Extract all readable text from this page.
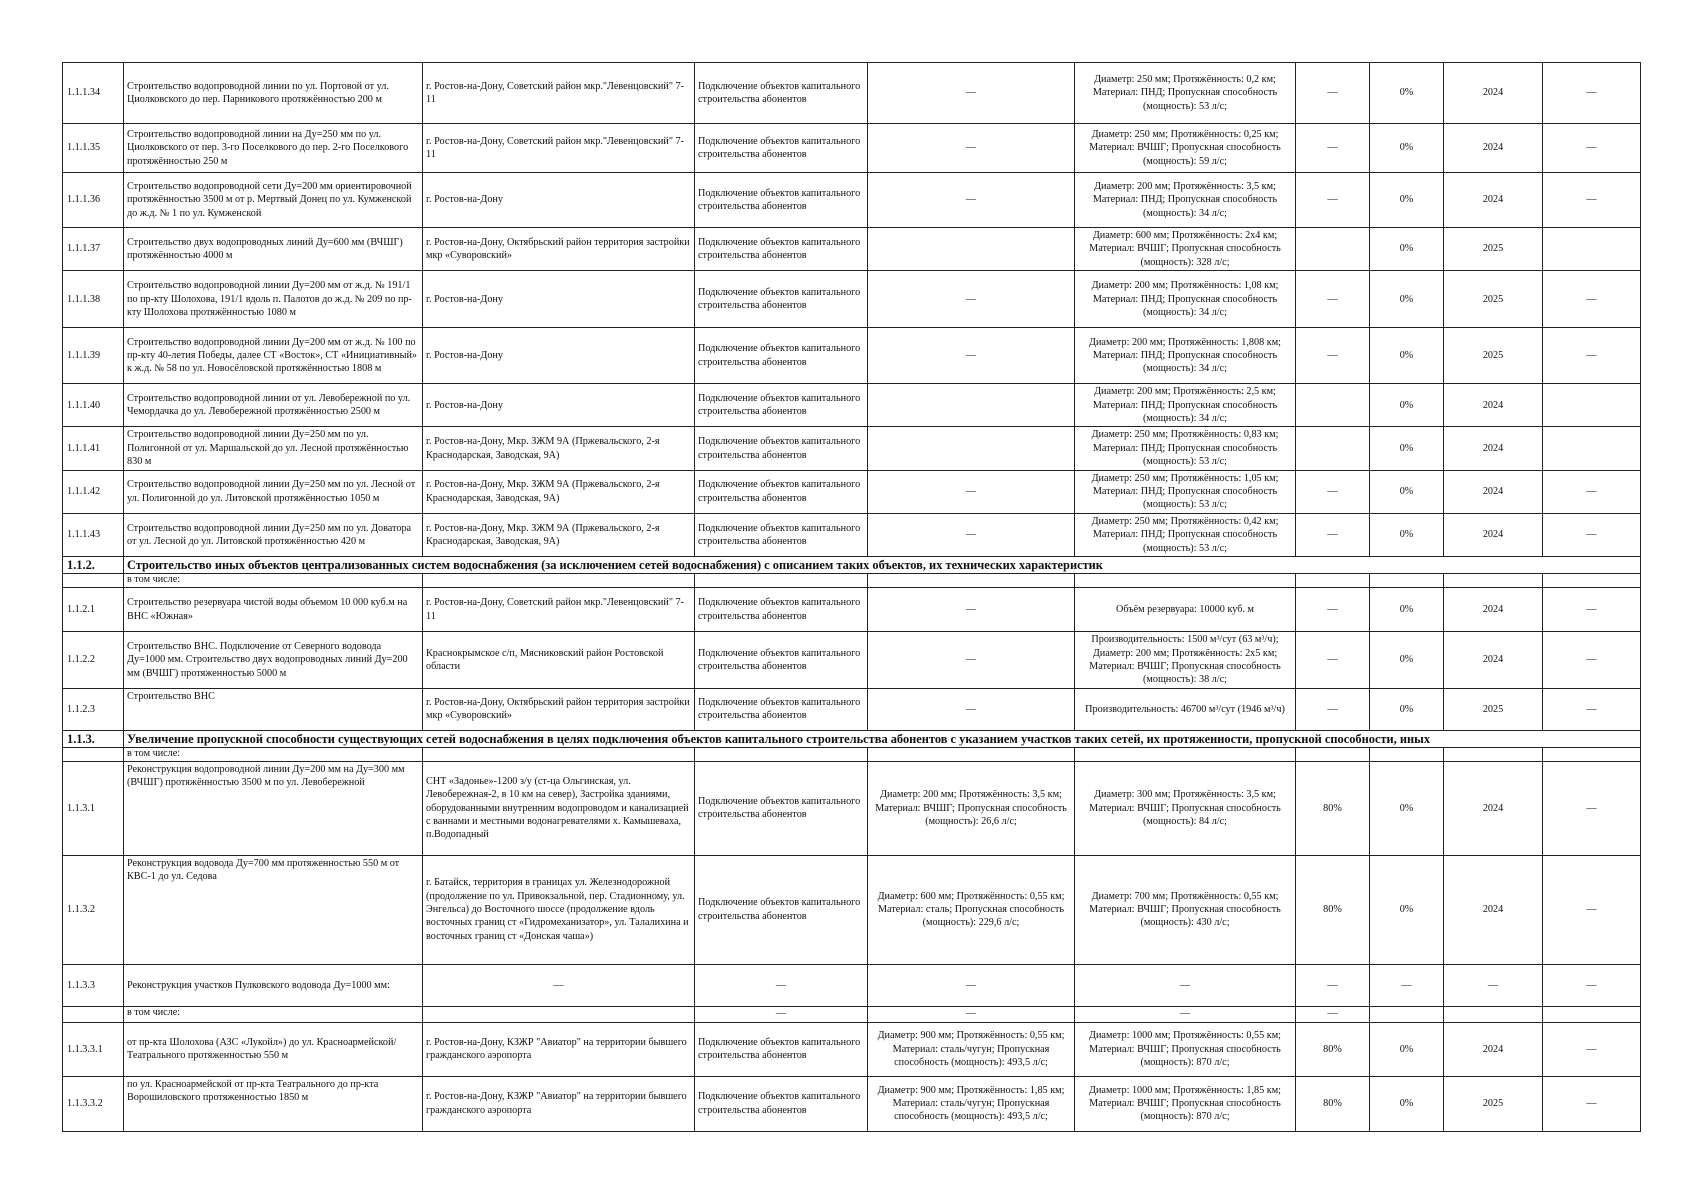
1.1.1.34	Строительство водопроводной линии по ул. Портовой от ул. Циолковского до пер. Парникового протяжённостью 200 м	г. Ростов-на-Дону, Советский район мкр."Левенцовский" 7-11	Подключение объектов капитального строительства абонентов	—	Диаметр: 250 мм; Протяжённость: 0,2 км; Материал: ПНД; Пропускная способность (мощность): 53 л/с;	—	0%	2024	—
1.1.1.35	Строительство водопроводной линии на Ду=250 мм по ул. Циолковского от пер. 3-го Поселкового до пер. 2-го Поселкового протяжённостью 250 м	г. Ростов-на-Дону, Советский район мкр."Левенцовский" 7-11	Подключение объектов капитального строительства абонентов	—	Диаметр: 250 мм; Протяжённость: 0,25 км; Материал: ВЧШГ; Пропускная способность (мощность): 59 л/с;	—	0%	2024	—
1.1.1.36	Строительство водопроводной сети Ду=200 мм ориентировочной протяжённостью 3500 м от р. Мертвый Донец по ул. Кумженской до ж.д. № 1 по ул. Кумженской	г. Ростов-на-Дону	Подключение объектов капитального строительства абонентов	—	Диаметр: 200 мм; Протяжённость: 3,5 км; Материал: ПНД; Пропускная способность (мощность): 34 л/с;	—	0%	2024	—
1.1.1.37	Строительство двух водопроводных линий Ду=600 мм (ВЧШГ) протяжённостью 4000 м	г. Ростов-на-Дону, Октябрьский район территория застройки мкр «Суворовский»	Подключение объектов капитального строительства абонентов		Диаметр: 600 мм; Протяжённость: 2х4 км; Материал: ВЧШГ; Пропускная способность (мощность): 328 л/с;		0%	2025	
1.1.1.38	Строительство водопроводной линии Ду=200 мм от ж.д. № 191/1 по пр-кту Шолохова, 191/1 вдоль п. Палотов до ж.д. № 209 по пр-кту Шолохова протяжённостью 1080 м	г. Ростов-на-Дону	Подключение объектов капитального строительства абонентов	—	Диаметр: 200 мм; Протяжённость: 1,08 км; Материал: ПНД; Пропускная способность (мощность): 34 л/с;	—	0%	2025	—
1.1.1.39	Строительство водопроводной линии Ду=200 мм от ж.д. № 100 по пр-кту 40-летия Победы, далее СТ «Восток», СТ «Инициативный» к ж.д. № 58 по ул. Новосёловской протяжённостью 1808 м	г. Ростов-на-Дону	Подключение объектов капитального строительства абонентов	—	Диаметр: 200 мм; Протяжённость: 1,808 км; Материал: ПНД; Пропускная способность (мощность): 34 л/с;	—	0%	2025	—
1.1.1.40	Строительство водопроводной линии от ул. Левобережной по ул. Чемордачка до ул. Левобережной протяжённостью 2500 м	г. Ростов-на-Дону	Подключение объектов капитального строительства абонентов		Диаметр: 200 мм; Протяжённость: 2,5 км; Материал: ПНД; Пропускная способность (мощность): 34 л/с;		0%	2024	
1.1.1.41	Строительство водопроводной линии Ду=250 мм по ул. Полигонной от ул. Маршальской до ул. Лесной протяжённостью 830 м	г. Ростов-на-Дону, Мкр. ЗЖМ 9А (Пржевальского, 2-я Краснодарская, Заводская, 9А)	Подключение объектов капитального строительства абонентов		Диаметр: 250 мм; Протяжённость: 0,83 км; Материал: ПНД; Пропускная способность (мощность): 53 л/с;		0%	2024	
1.1.1.42	Строительство водопроводной линии Ду=250 мм по ул. Лесной от ул. Полигонной до ул. Литовской протяжённостью 1050 м	г. Ростов-на-Дону, Мкр. ЗЖМ 9А (Пржевальского, 2-я Краснодарская, Заводская, 9А)	Подключение объектов капитального строительства абонентов	—	Диаметр: 250 мм; Протяжённость: 1,05 км; Материал: ПНД; Пропускная способность (мощность): 53 л/с;	—	0%	2024	—
1.1.1.43	Строительство водопроводной линии Ду=250 мм по ул. Доватора от ул. Лесной до ул. Литовской протяжённостью 420 м	г. Ростов-на-Дону, Мкр. ЗЖМ 9А (Пржевальского, 2-я Краснодарская, Заводская, 9А)	Подключение объектов капитального строительства абонентов	—	Диаметр: 250 мм; Протяжённость: 0,42 км; Материал: ПНД; Пропускная способность (мощность): 53 л/с;	—	0%	2024	—
1.1.2.	Строительство иных объектов централизованных систем водоснабжения (за исключением сетей водоснабжения) с описанием таких объектов, их технических характеристик								
	в том числе:								
1.1.2.1	Строительство резервуара чистой воды объемом 10 000 куб.м на ВНС «Южная»	г. Ростов-на-Дону, Советский район мкр."Левенцовский" 7-11	Подключение объектов капитального строительства абонентов	—	Объём резервуара: 10000 куб. м	—	0%	2024	—
1.1.2.2	Строительство ВНС. Подключение от Северного водовода Ду=1000 мм. Строительство двух водопроводных линий Ду=200 мм (ВЧШГ) протяженностью 5000 м	Краснокрымское с/п, Мясниковский район Ростовской области	Подключение объектов капитального строительства абонентов	—	Производительность: 1500 м³/сут (63 м³/ч); Диаметр: 200 мм; Протяжённость: 2х5 км; Материал: ВЧШГ; Пропускная способность (мощность): 38 л/с;	—	0%	2024	—
1.1.2.3	Строительство ВНС	г. Ростов-на-Дону, Октябрьский район территория застройки мкр «Суворовский»	Подключение объектов капитального строительства абонентов	—	Производительность: 46700 м³/сут (1946 м³/ч)	—	0%	2025	—
1.1.3.	Увеличение пропускной способности существующих сетей водоснабжения в целях подключения объектов капитального строительства абонентов с указанием участков таких сетей, их протяженности, пропускной способности, иных								
	в том числе:								
1.1.3.1	Реконструкция водопроводной линии Ду=200 мм на Ду=300 мм (ВЧШГ) протяжённостью 3500 м по ул. Левобережной	СНТ «Задонье»-1200 з/у (ст-ца Ольгинская, ул. Левобережная-2, в 10 км на север), Застройка зданиями, оборудованными внутренним водопроводом и канализацией с ваннами и местными водонагревателями х. Камышеваха, п.Водопадный	Подключение объектов капитального строительства абонентов	Диаметр: 200 мм; Протяжённость: 3,5 км; Материал: ВЧШГ; Пропускная способность (мощность): 26,6 л/с;	Диаметр: 300 мм; Протяжённость: 3,5 км; Материал: ВЧШГ; Пропускная способность (мощность): 84 л/с;	80%	0%	2024	—
1.1.3.2	Реконструкция водовода Ду=700 мм протяженностью 550 м от КВС-1 до ул. Седова	г. Батайск, территория в границах ул. Железнодорожной (продолжение по ул. Привокзальной, пер. Стадионному, ул. Энгельса) до Восточного шоссе (продолжение вдоль восточных границ ст «Гидромеханизатор», ул. Талалихина и восточных границ ст «Донская чаша»)	Подключение объектов капитального строительства абонентов	Диаметр: 600 мм; Протяжённость: 0,55 км; Материал: сталь; Пропускная способность (мощность): 229,6 л/с;	Диаметр: 700 мм; Протяжённость: 0,55 км; Материал: ВЧШГ; Пропускная способность (мощность): 430 л/с;	80%	0%	2024	—
1.1.3.3	Реконструкция участков Пулковского водовода Ду=1000 мм:	—	—	—	—	—	—	—	—
	в том числе:		—	—	—	—			
1.1.3.3.1	от пр-кта Шолохова (АЗС «Лукойл») до ул. Красноармейской/Театрального протяженностью 550 м	г. Ростов-на-Дону, КЗЖР "Авиатор" на территории бывшего гражданского аэропорта	Подключение объектов капитального строительства абонентов	Диаметр: 900 мм; Протяжённость: 0,55 км; Материал: сталь/чугун; Пропускная способность (мощность): 493,5 л/с;	Диаметр: 1000 мм; Протяжённость: 0,55 км; Материал: ВЧШГ; Пропускная способность (мощность): 870 л/с;	80%	0%	2024	—
1.1.3.3.2	по ул. Красноармейской от пр-кта Театрального до пр-кта Ворошиловского протяженностью 1850 м	г. Ростов-на-Дону, КЗЖР "Авиатор" на территории бывшего гражданского аэропорта	Подключение объектов капитального строительства абонентов	Диаметр: 900 мм; Протяжённость: 1,85 км; Материал: сталь/чугун; Пропускная способность (мощность): 493,5 л/с;	Диаметр: 1000 мм; Протяжённость: 1,85 км; Материал: ВЧШГ; Пропускная способность (мощность): 870 л/с;	80%	0%	2025	—
